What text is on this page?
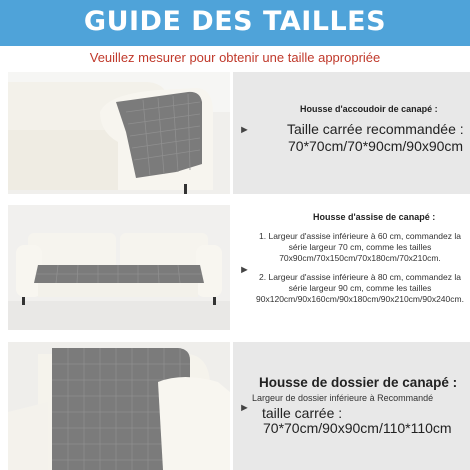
GUIDE DES TAILLES
Veuillez mesurer pour obtenir une taille appropriée
►
Housse d'accoudoir de canapé :
Taille carrée recommandée :
70*70cm/70*90cm/90x90cm
►
Housse d'assise de canapé :
1. Largeur d'assise inférieure à 60 cm, commandez la
série largeur 70 cm, comme les tailles
70x90cm/70x150cm/70x180cm/70x210cm.
2. Largeur d'assise inférieure à 80 cm, commandez la
série largeur 90 cm, comme les tailles
90x120cm/90x160cm/90x180cm/90x210cm/90x240cm.
►
Housse de dossier de canapé :
Largeur de dossier inférieure à Recommandé
taille carrée :
70*70cm/90x90cm/110*110cm
